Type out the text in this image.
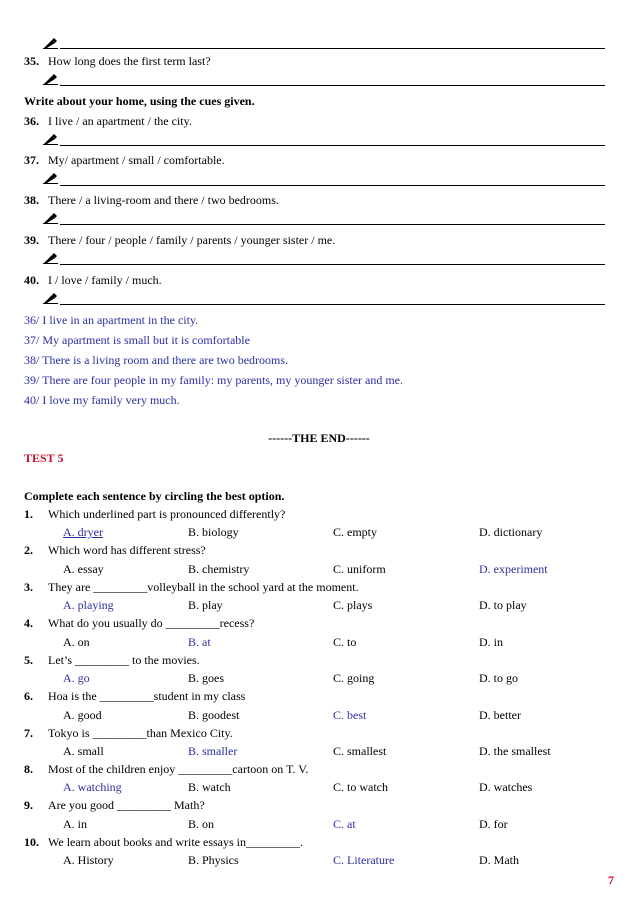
35. How long does the first term last?
Write about your home, using the cues given.
36. I live / an apartment / the city.
37. My/ apartment / small / comfortable.
38. There / a living-room and there / two bedrooms.
39. There / four / people / family / parents / younger sister / me.
40. I / love / family / much.
36/ I live in an apartment in the city.
37/ My apartment is small but it is comfortable
38/ There is a living room and there are two bedrooms.
39/ There are four people in my family: my parents, my younger sister and me.
40/ I love my family very much.
------THE END------
TEST 5
Complete each sentence by circling the best option.
1. Which underlined part is pronounced differently?
A. dryer	B. biology	C. empty	D. dictionary
2. Which word has different stress?
A. essay	B. chemistry	C. uniform	D. experiment
3. They are _________volleyball in the school yard at the moment.
A. playing	B. play	C. plays	D. to play
4. What do you usually do _________recess?
A. on	B. at	C. to	D. in
5. Let’s _________ to the movies.
A. go	B. goes	C. going	D. to go
6. Hoa is the _________student in my class
A. good	B. goodest	C. best	D. better
7. Tokyo is _________than Mexico City.
A. small	B. smaller	C. smallest	D. the smallest
8. Most of the children enjoy _________cartoon on T. V.
A. watching	B. watch	C. to watch	D. watches
9. Are you good _________ Math?
A. in	B. on	C. at	D. for
10. We learn about books and write essays in_________.
A. History	B. Physics	C. Literature	D. Math
7
